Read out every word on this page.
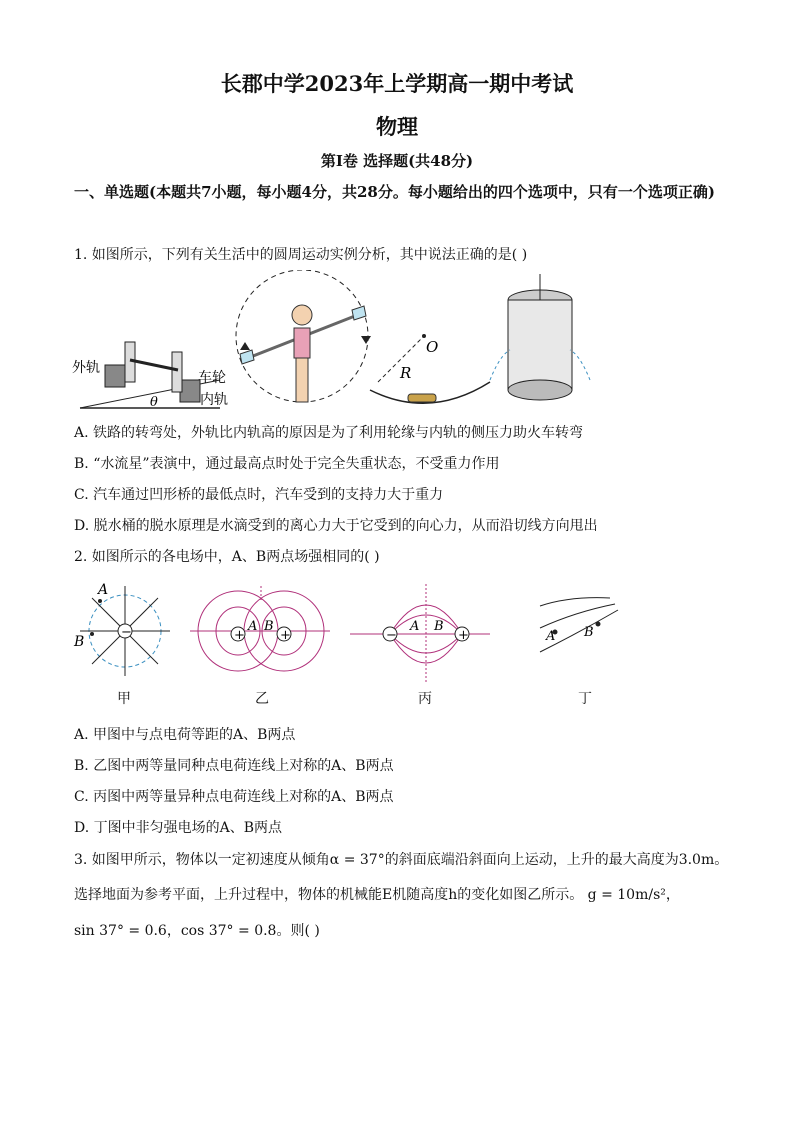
长郡中学2023年上学期高一期中考试
物理
第Ⅰ卷 选择题(共48分)
一、单选题(本题共7小题，每小题4分，共28分。每小题给出的四个选项中，只有一个选项正确)
1. 如图所示，下列有关生活中的圆周运动实例分析，其中说法正确的是( )
外轨
车轮
内轨
θ
O
R
A. 铁路的转弯处，外轨比内轨高的原因是为了利用轮缘与内轨的侧压力助火车转弯
B. “水流星”表演中，通过最高点时处于完全失重状态，不受重力作用
C. 汽车通过凹形桥的最低点时，汽车受到的支持力大于重力
D. 脱水桶的脱水原理是水滴受到的离心力大于它受到的向心力，从而沿切线方向甩出
2. 如图所示的各电场中，A、B两点场强相同的( )
−
A
B	+	+
A B
−	+
A B
A B
甲	乙	丙	丁
A. 甲图中与点电荷等距的A、B两点
B. 乙图中两等量同种点电荷连线上对称的A、B两点
C. 丙图中两等量异种点电荷连线上对称的A、B两点
D. 丁图中非匀强电场的A、B两点
3. 如图甲所示，物体以一定初速度从倾角α = 37°的斜面底端沿斜面向上运动，上升的最大高度为3.0m。
选择地面为参考平面，上升过程中，物体的机械能E机随高度h的变化如图乙所示。 g = 10m/s²，
sin 37° = 0.6，cos 37° = 0.8。则( )
